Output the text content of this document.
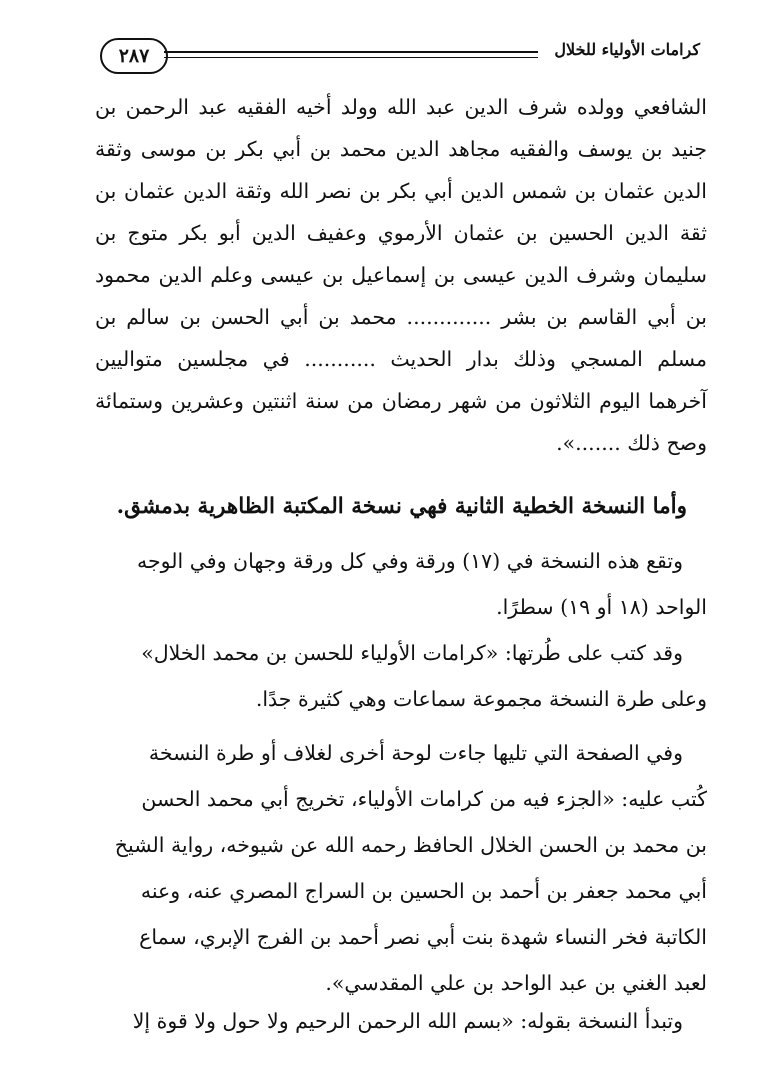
٢٨٧	كرامات الأولياء للخلال
الشافعي وولده شرف الدين عبد الله وولد أخيه الفقيه عبد الرحمن بن
جنيد بن يوسف والفقيه مجاهد الدين محمد بن أبي بكر بن موسى وثقة
الدين عثمان بن شمس الدين أبي بكر بن نصر الله وثقة الدين عثمان بن
ثقة الدين الحسين بن عثمان الأرموي وعفيف الدين أبو بكر متوج بن
سليمان وشرف الدين عيسى بن إسماعيل بن عيسى وعلم الدين محمود
بن أبي القاسم بن بشر ............. محمد بن أبي الحسن بن سالم بن
مسلم المسجي وذلك بدار الحديث ........... في مجلسين متواليين
آخرهما اليوم الثلاثون من شهر رمضان من سنة اثنتين وعشرين وستمائة
وصح ذلك .......».
وأما النسخة الخطية الثانية فهي نسخة المكتبة الظاهرية بدمشق.
وتقع هذه النسخة في (١٧) ورقة وفي كل ورقة وجهان وفي الوجه
الواحد (١٨ أو ١٩) سطرًا.
وقد كتب على طُرتها: «كرامات الأولياء للحسن بن محمد الخلال»
وعلى طرة النسخة مجموعة سماعات وهي كثيرة جدًا.
وفي الصفحة التي تليها جاءت لوحة أخرى لغلاف أو طرة النسخة
كُتب عليه: «الجزء فيه من كرامات الأولياء، تخريج أبي محمد الحسن
بن محمد بن الحسن الخلال الحافظ رحمه الله عن شيوخه، رواية الشيخ
أبي محمد جعفر بن أحمد بن الحسين بن السراج المصري عنه، وعنه
الكاتبة فخر النساء شهدة بنت أبي نصر أحمد بن الفرج الإبري، سماع
لعبد الغني بن عبد الواحد بن علي المقدسي».
وتبدأ النسخة بقوله: «بسم الله الرحمن الرحيم ولا حول ولا قوة إلا
